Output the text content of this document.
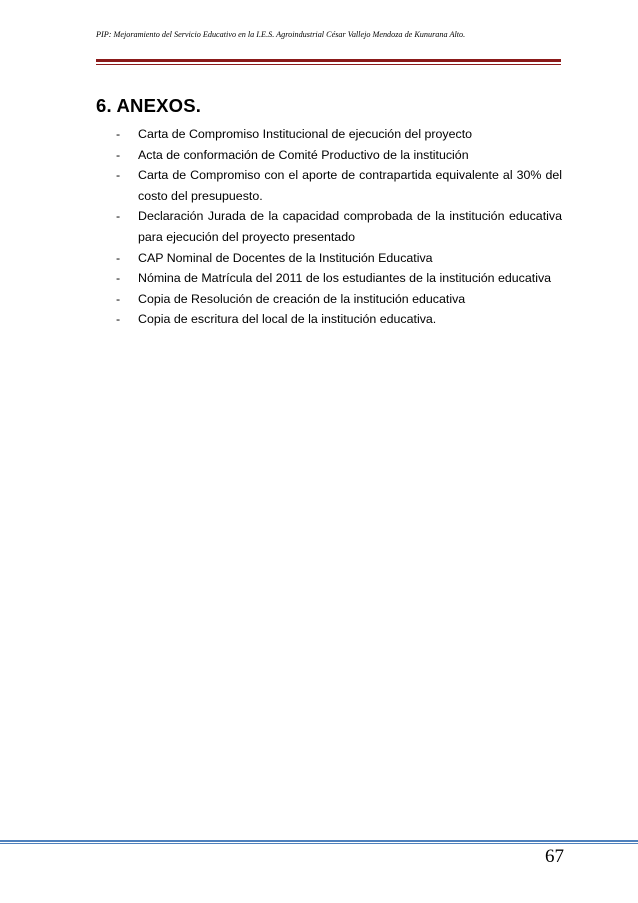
PIP: Mejoramiento del Servicio Educativo en la I.E.S. Agroindustrial César Vallejo Mendoza de Kunurana Alto.
6. ANEXOS.
- Carta de Compromiso Institucional de ejecución del proyecto
- Acta de conformación de Comité Productivo de la institución
- Carta de Compromiso con el aporte de contrapartida equivalente al 30% del costo del presupuesto.
- Declaración Jurada de la capacidad comprobada de la institución educativa para ejecución del proyecto presentado
- CAP Nominal de Docentes de la Institución Educativa
- Nómina de Matrícula del 2011 de los estudiantes de la institución educativa
- Copia de Resolución de creación de la institución educativa
- Copia de escritura del local de la institución educativa.
67
